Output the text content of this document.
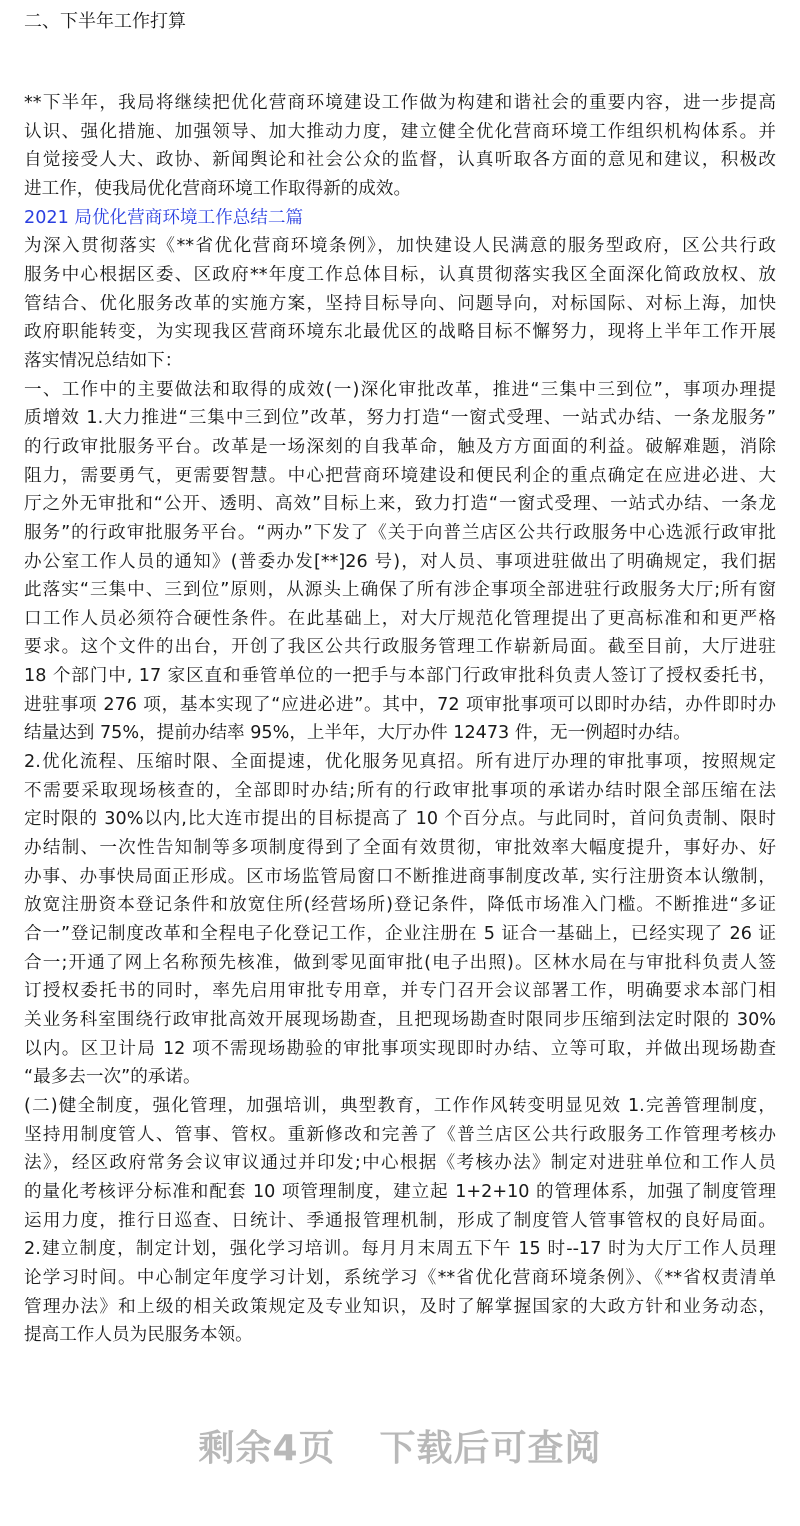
二、下半年工作打算
**下半年，我局将继续把优化营商环境建设工作做为构建和谐社会的重要内容，进一步提高
认识、强化措施、加强领导、加大推动力度，建立健全优化营商环境工作组织机构体系。并
自觉接受人大、政协、新闻舆论和社会公众的监督，认真听取各方面的意见和建议，积极改
进工作，使我局优化营商环境工作取得新的成效。
2021 局优化营商环境工作总结二篇
为深入贯彻落实《**省优化营商环境条例》，加快建设人民满意的服务型政府，区公共行政
服务中心根据区委、区政府**年度工作总体目标，认真贯彻落实我区全面深化简政放权、放
管结合、优化服务改革的实施方案，坚持目标导向、问题导向，对标国际、对标上海，加快
政府职能转变，为实现我区营商环境东北最优区的战略目标不懈努力，现将上半年工作开展
落实情况总结如下：
一、工作中的主要做法和取得的成效(一)深化审批改革，推进“三集中三到位”，事项办理提
质增效 1.大力推进“三集中三到位”改革，努力打造“一窗式受理、一站式办结、一条龙服务”
的行政审批服务平台。改革是一场深刻的自我革命，触及方方面面的利益。破解难题，消除
阻力，需要勇气，更需要智慧。中心把营商环境建设和便民利企的重点确定在应进必进、大
厅之外无审批和“公开、透明、高效”目标上来，致力打造“一窗式受理、一站式办结、一条龙
服务”的行政审批服务平台。“两办”下发了《关于向普兰店区公共行政服务中心选派行政审批
办公室工作人员的通知》(普委办发[**]26 号)，对人员、事项进驻做出了明确规定，我们据
此落实“三集中、三到位”原则，从源头上确保了所有涉企事项全部进驻行政服务大厅;所有窗
口工作人员必须符合硬性条件。在此基础上，对大厅规范化管理提出了更高标准和和更严格
要求。这个文件的出台，开创了我区公共行政服务管理工作崭新局面。截至目前，大厅进驻
18 个部门中, 17 家区直和垂管单位的一把手与本部门行政审批科负责人签订了授权委托书，
进驻事项 276 项，基本实现了“应进必进”。其中，72 项审批事项可以即时办结，办件即时办
结量达到 75%，提前办结率 95%，上半年，大厅办件 12473 件，无一例超时办结。
2.优化流程、压缩时限、全面提速，优化服务见真招。所有进厅办理的审批事项，按照规定
不需要采取现场核查的，全部即时办结;所有的行政审批事项的承诺办结时限全部压缩在法
定时限的 30%以内,比大连市提出的目标提高了 10 个百分点。与此同时，首问负责制、限时
办结制、一次性告知制等多项制度得到了全面有效贯彻，审批效率大幅度提升，事好办、好
办事、办事快局面正形成。区市场监管局窗口不断推进商事制度改革, 实行注册资本认缴制，
放宽注册资本登记条件和放宽住所(经营场所)登记条件，降低市场准入门槛。不断推进“多证
合一”登记制度改革和全程电子化登记工作，企业注册在 5 证合一基础上，已经实现了 26 证
合一;开通了网上名称预先核准，做到零见面审批(电子出照)。区林水局在与审批科负责人签
订授权委托书的同时，率先启用审批专用章，并专门召开会议部署工作，明确要求本部门相
关业务科室围绕行政审批高效开展现场勘查，且把现场勘查时限同步压缩到法定时限的 30%
以内。区卫计局 12 项不需现场勘验的审批事项实现即时办结、立等可取，并做出现场勘查
“最多去一次”的承诺。
(二)健全制度，强化管理，加强培训，典型教育，工作作风转变明显见效 1.完善管理制度，
坚持用制度管人、管事、管权。重新修改和完善了《普兰店区公共行政服务工作管理考核办
法》，经区政府常务会议审议通过并印发;中心根据《考核办法》制定对进驻单位和工作人员
的量化考核评分标准和配套 10 项管理制度，建立起 1+2+10 的管理体系，加强了制度管理
运用力度，推行日巡查、日统计、季通报管理机制，形成了制度管人管事管权的良好局面。
2.建立制度，制定计划，强化学习培训。每月月末周五下午 15 时--17 时为大厅工作人员理
论学习时间。中心制定年度学习计划，系统学习《**省优化营商环境条例》、《**省权责清单
管理办法》和上级的相关政策规定及专业知识，及时了解掌握国家的大政方针和业务动态，
提高工作人员为民服务本领。
剩余4页 下载后可查阅
